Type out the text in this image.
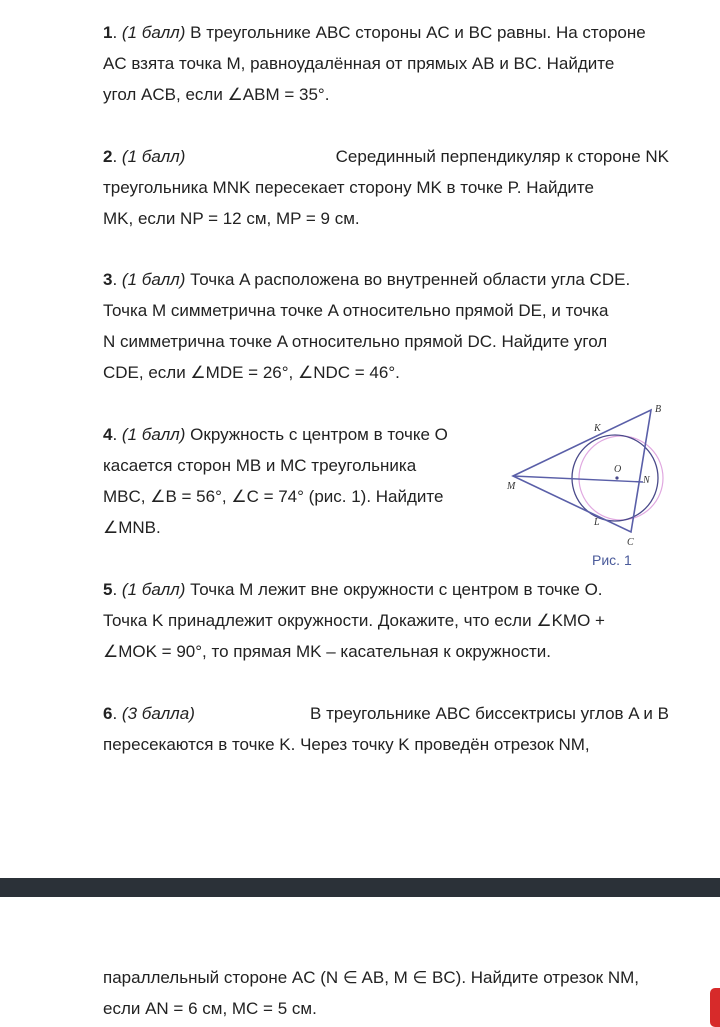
1. (1 балл) В треугольнике ABC стороны AC и BC равны. На стороне
AC взята точка M, равноудалённая от прямых AB и BC. Найдите
угол ACB, если ∠ABM = 35°.
2. (1 балл)	Серединный перпендикуляр к стороне NK
треугольника MNK пересекает сторону MK в точке P. Найдите
MK, если NP = 12 см, MP = 9 см.
3. (1 балл) Точка A расположена во внутренней области угла CDE.
Точка M симметрична точке A относительно прямой DE, и точка
N симметрична точке A относительно прямой DC. Найдите угол
CDE, если ∠MDE = 26°, ∠NDC = 46°.
4. (1 балл) Окружность с центром в точке O
касается сторон MB и MC треугольника
MBC, ∠B = 56°, ∠C = 74° (рис. 1). Найдите
∠MNB.
B
K
O
M
N
L
C
Рис. 1
5. (1 балл) Точка M лежит вне окружности с центром в точке O.
Точка K принадлежит окружности. Докажите, что если ∠KMO +
∠MOK = 90°, то прямая MK – касательная к окружности.
6. (3 балла)	В треугольнике ABC биссектрисы углов A и B
пересекаются в точке K. Через точку K проведён отрезок NM,
параллельный стороне AC (N ∈ AB, M ∈ BC). Найдите отрезок NM,
если AN = 6 см, MC = 5 см.
